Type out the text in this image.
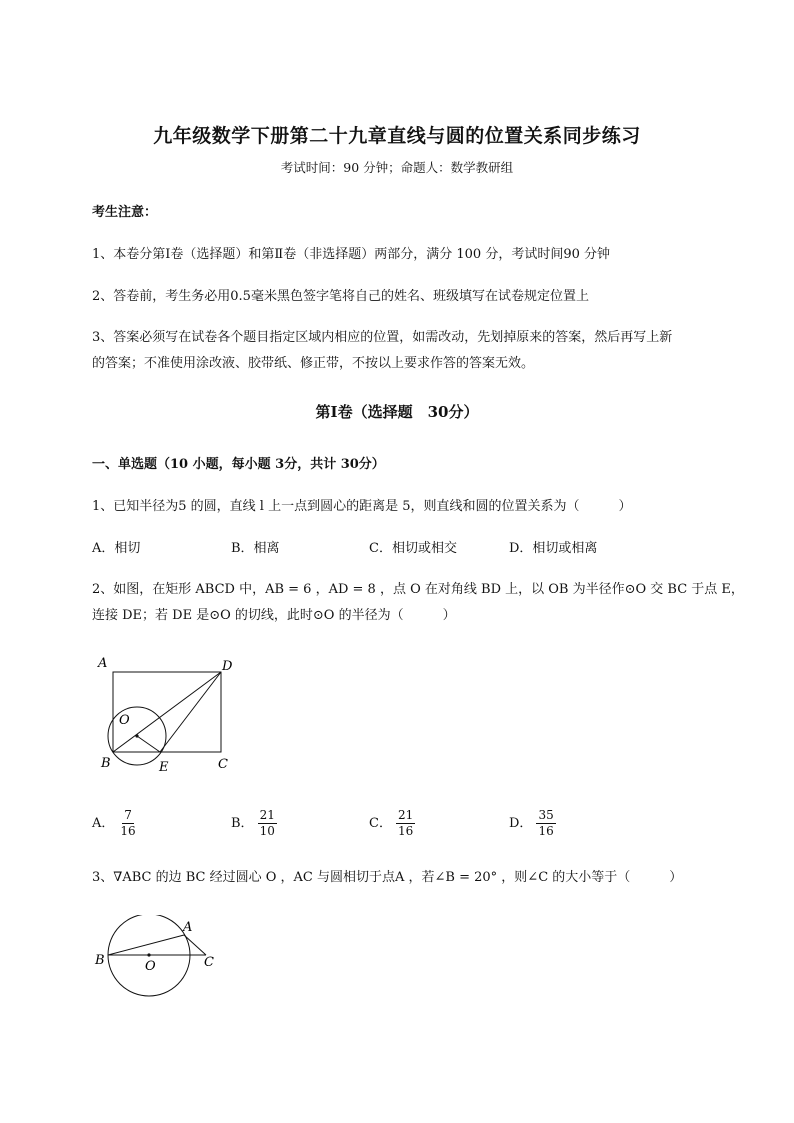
九年级数学下册第二十九章直线与圆的位置关系同步练习
考试时间：90 分钟；命题人：数学教研组
考生注意：
1、本卷分第Ⅰ卷（选择题）和第Ⅱ卷（非选择题）两部分，满分 100 分，考试时间90 分钟
2、答卷前，考生务必用0.5毫米黑色签字笔将自己的姓名、班级填写在试卷规定位置上
3、答案必须写在试卷各个题目指定区域内相应的位置，如需改动，先划掉原来的答案，然后再写上新
的答案；不准使用涂改液、胶带纸、修正带，不按以上要求作答的答案无效。
第Ⅰ卷（选择题　30分）
一、单选题（10 小题，每小题 3分，共计 30分）
1、已知半径为5 的圆，直线 l 上一点到圆心的距离是 5，则直线和圆的位置关系为（　　　）
A．相切	B．相离	C．相切或相交	D．相切或相离
2、如图，在矩形 ABCD 中，AB = 6 ，AD = 8 ，点 O 在对角线 BD 上，以 OB 为半径作⊙O 交 BC 于点 E，
连接 DE；若 DE 是⊙O 的切线，此时⊙O 的半径为（　　　）
A	D
O
B	E	C
A． $\frac{7}{16}$	B． $\frac{21}{10}$	C． $\frac{21}{16}$	D． $\frac{35}{16}$
3、∇ABC 的边 BC 经过圆心 O ，AC 与圆相切于点A ，若∠B = 20° ，则∠C 的大小等于（　　　）
A
B	O	C
